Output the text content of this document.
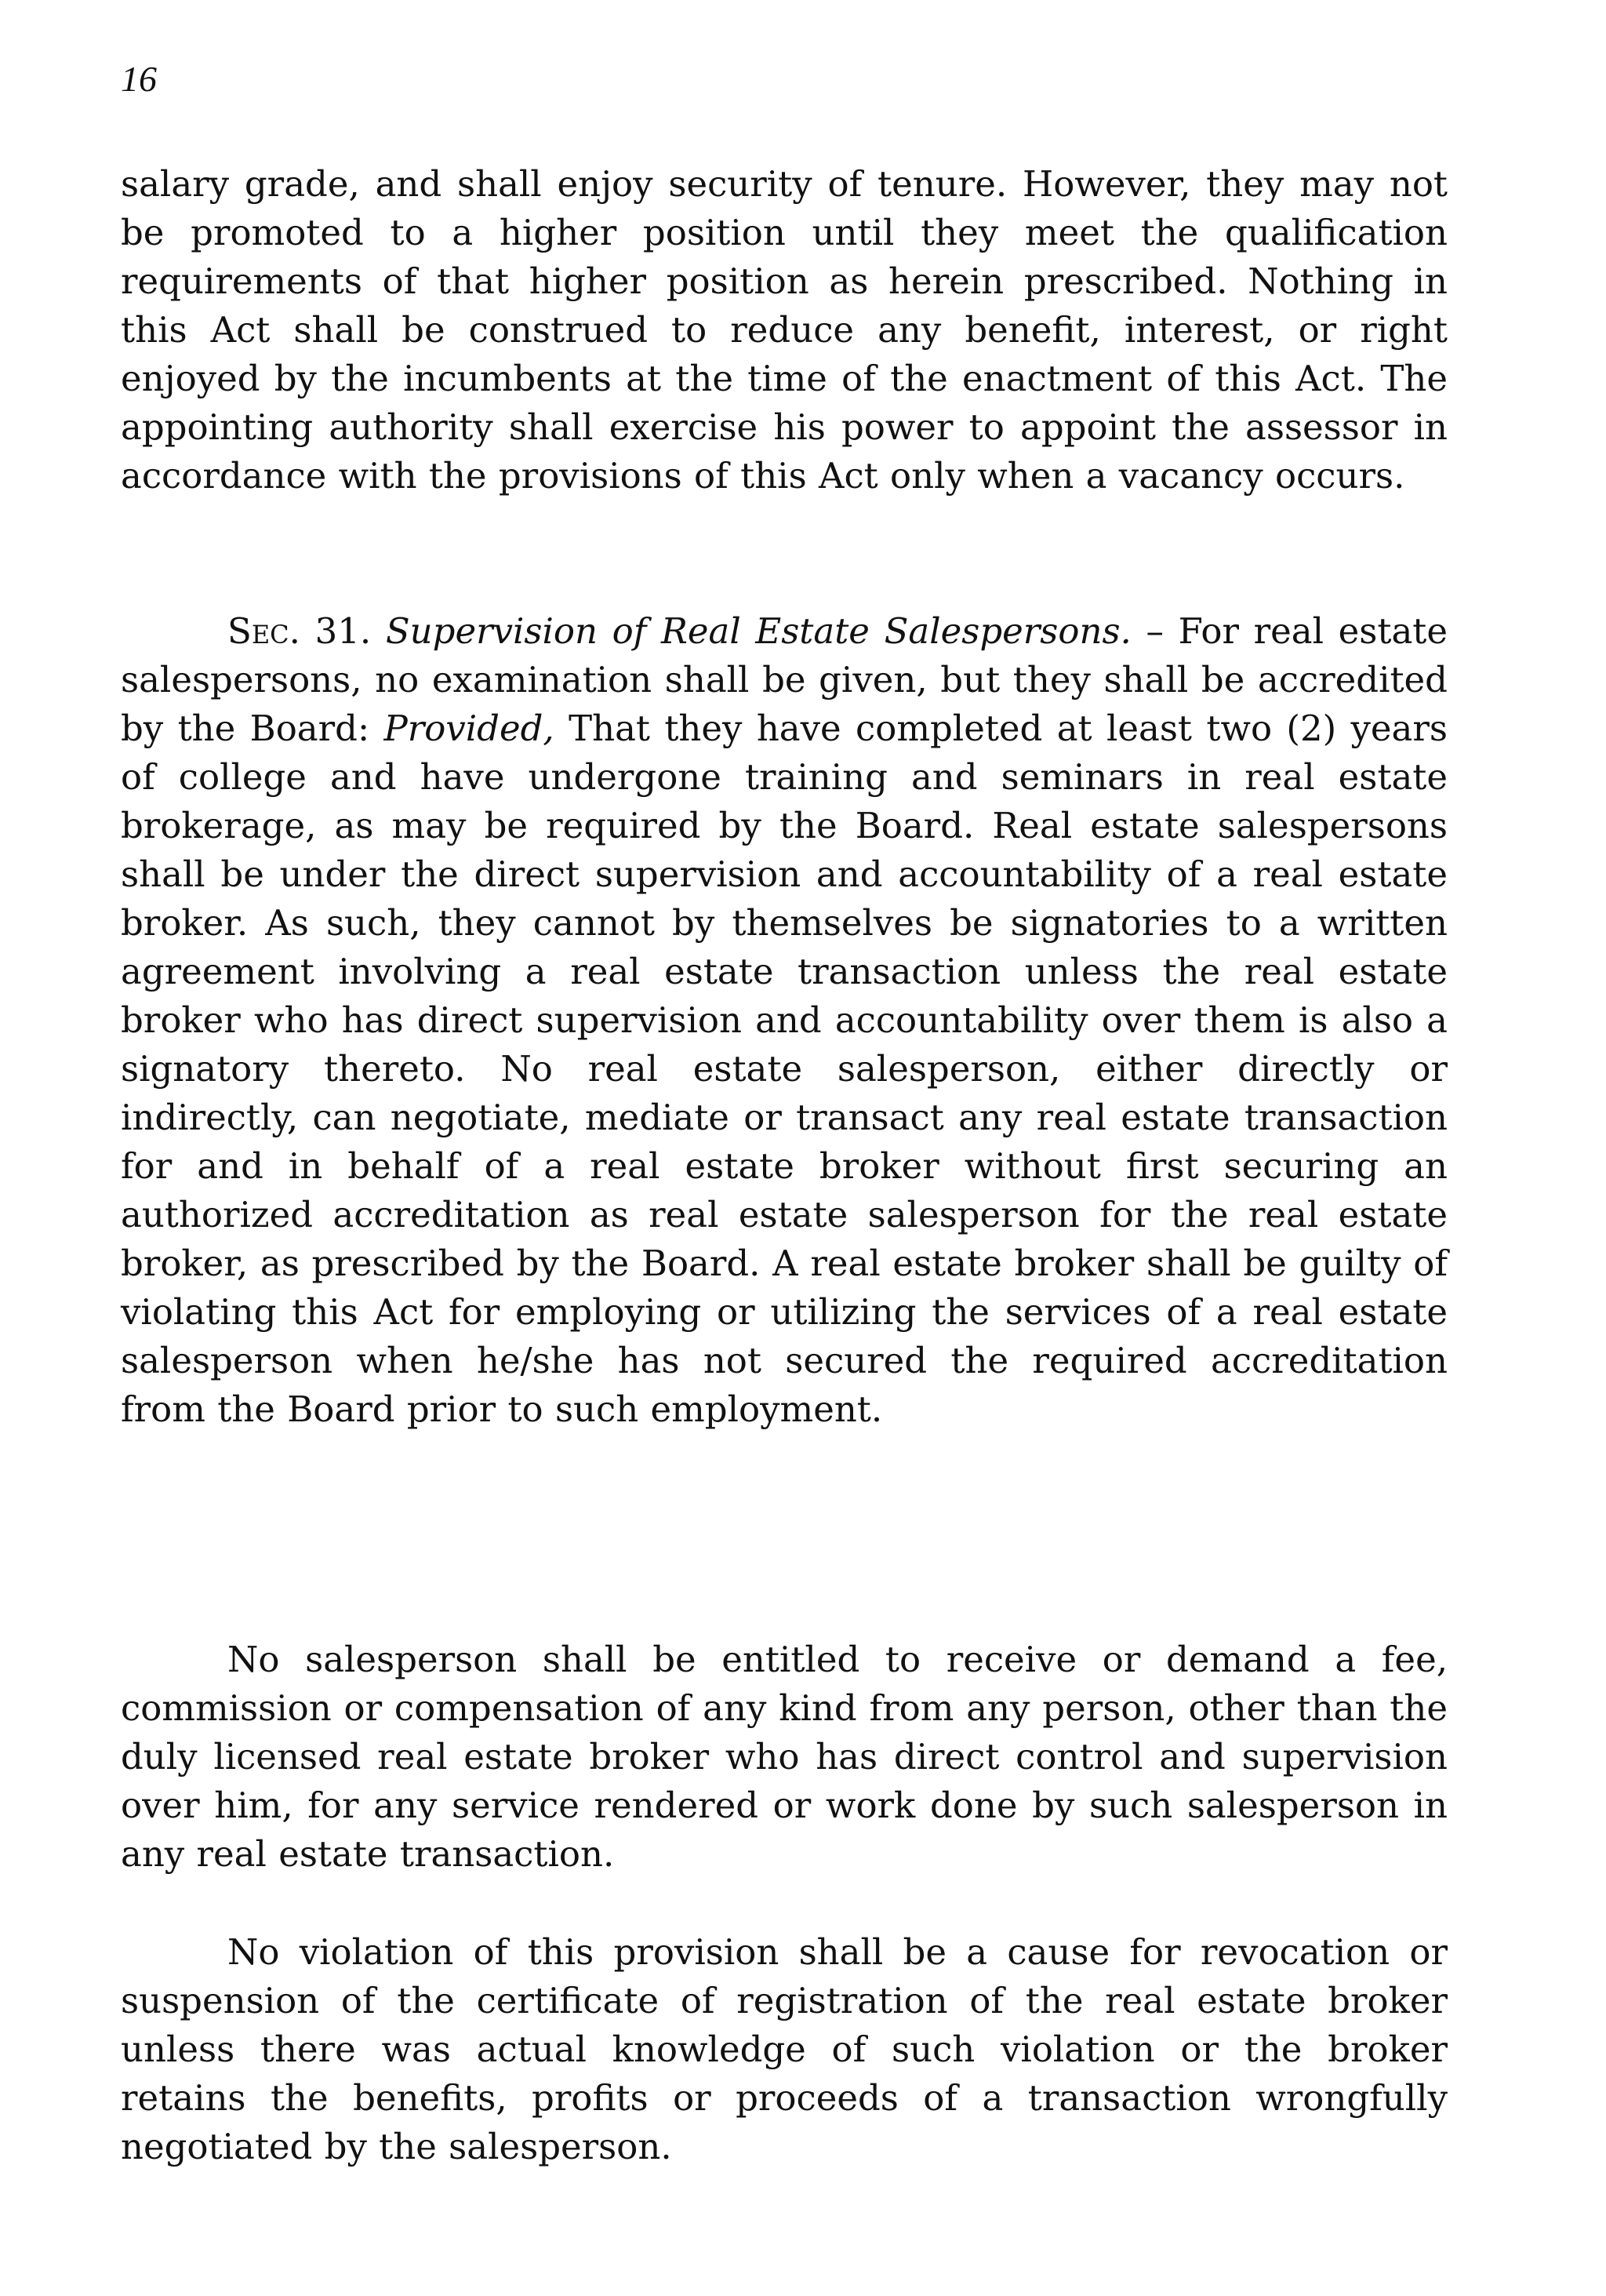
16

salary grade, and shall enjoy security of tenure. However, they may not be promoted to a higher position until they meet the qualification requirements of that higher position as herein prescribed. Nothing in this Act shall be construed to reduce any benefit, interest, or right enjoyed by the incumbents at the time of the enactment of this Act. The appointing authority shall exercise his power to appoint the assessor in accordance with the provisions of this Act only when a vacancy occurs.

Sec. 31. Supervision of Real Estate Salespersons. – For real estate salespersons, no examination shall be given, but they shall be accredited by the Board: Provided, That they have completed at least two (2) years of college and have undergone training and seminars in real estate brokerage, as may be required by the Board. Real estate salespersons shall be under the direct supervision and accountability of a real estate broker. As such, they cannot by themselves be signatories to a written agreement involving a real estate transaction unless the real estate broker who has direct supervision and accountability over them is also a signatory thereto. No real estate salesperson, either directly or indirectly, can negotiate, mediate or transact any real estate transaction for and in behalf of a real estate broker without first securing an authorized accreditation as real estate salesperson for the real estate broker, as prescribed by the Board. A real estate broker shall be guilty of violating this Act for employing or utilizing the services of a real estate salesperson when he/she has not secured the required accreditation from the Board prior to such employment.

No salesperson shall be entitled to receive or demand a fee, commission or compensation of any kind from any person, other than the duly licensed real estate broker who has direct control and supervision over him, for any service rendered or work done by such salesperson in any real estate transaction.

No violation of this provision shall be a cause for revocation or suspension of the certificate of registration of the real estate broker unless there was actual knowledge of such violation or the broker retains the benefits, profits or proceeds of a transaction wrongfully negotiated by the salesperson.
